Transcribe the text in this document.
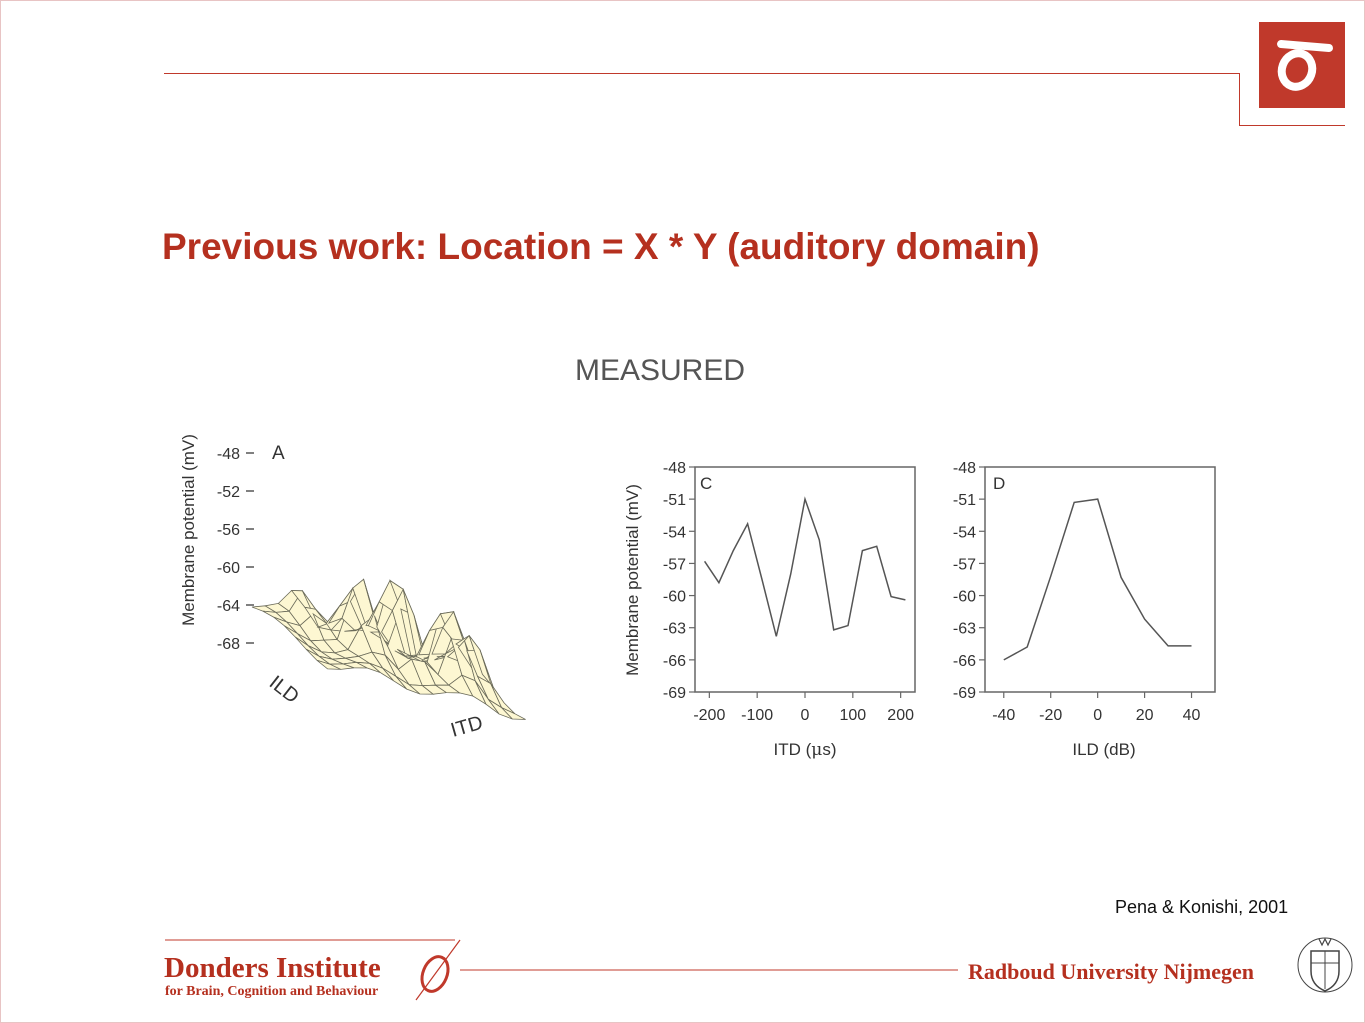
Previous work: Location = X * Y (auditory domain)
MEASURED
Membrane potential (mV) -48
-52
-56
-60
-64
-68
A
ILD
ITD
Membrane potential (mV)
C
-48
-51
-54
-57
-60
-63
-66
-69
-200 -100 0 100 200
ITD (μs)
D
-48
-51
-54
-57
-60
-63
-66
-69
-40 -20 0 20 40
ILD (dB)
Pena & Konishi, 2001
Donders Institute
for Brain, Cognition and Behaviour
Radboud University Nijmegen
